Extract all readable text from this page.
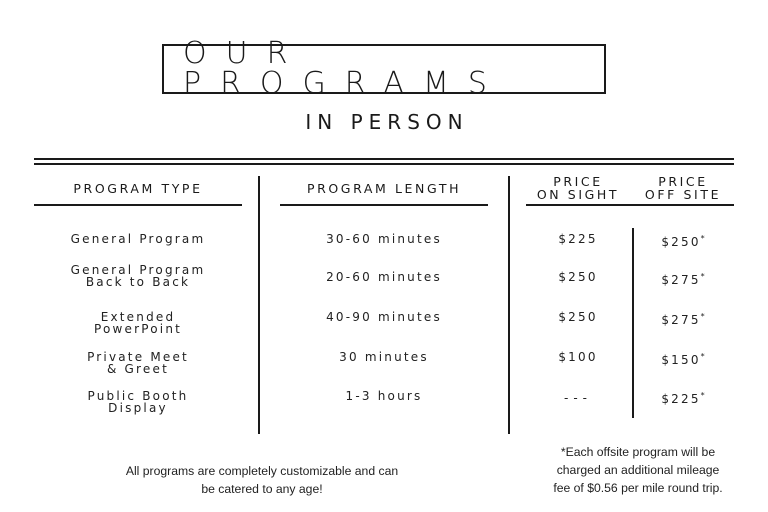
OUR PROGRAMS
IN PERSON
PROGRAM TYPE	PROGRAM LENGTH	PRICE
ON SIGHT
PRICE
OFF SITE
General Program	30-60 minutes	$225	$250*
General Program
Back to Back	20-60 minutes	$250	$275*
Extended
PowerPoint
40-90 minutes	$250	$275*
Private Meet
& Greet
30 minutes	$100	$150*
Public Booth
Display
1-3 hours	---	$225*
All programs are completely customizable and can
be catered to any age!
*Each offsite program will be
charged an additional mileage
fee of $0.56 per mile round trip.
